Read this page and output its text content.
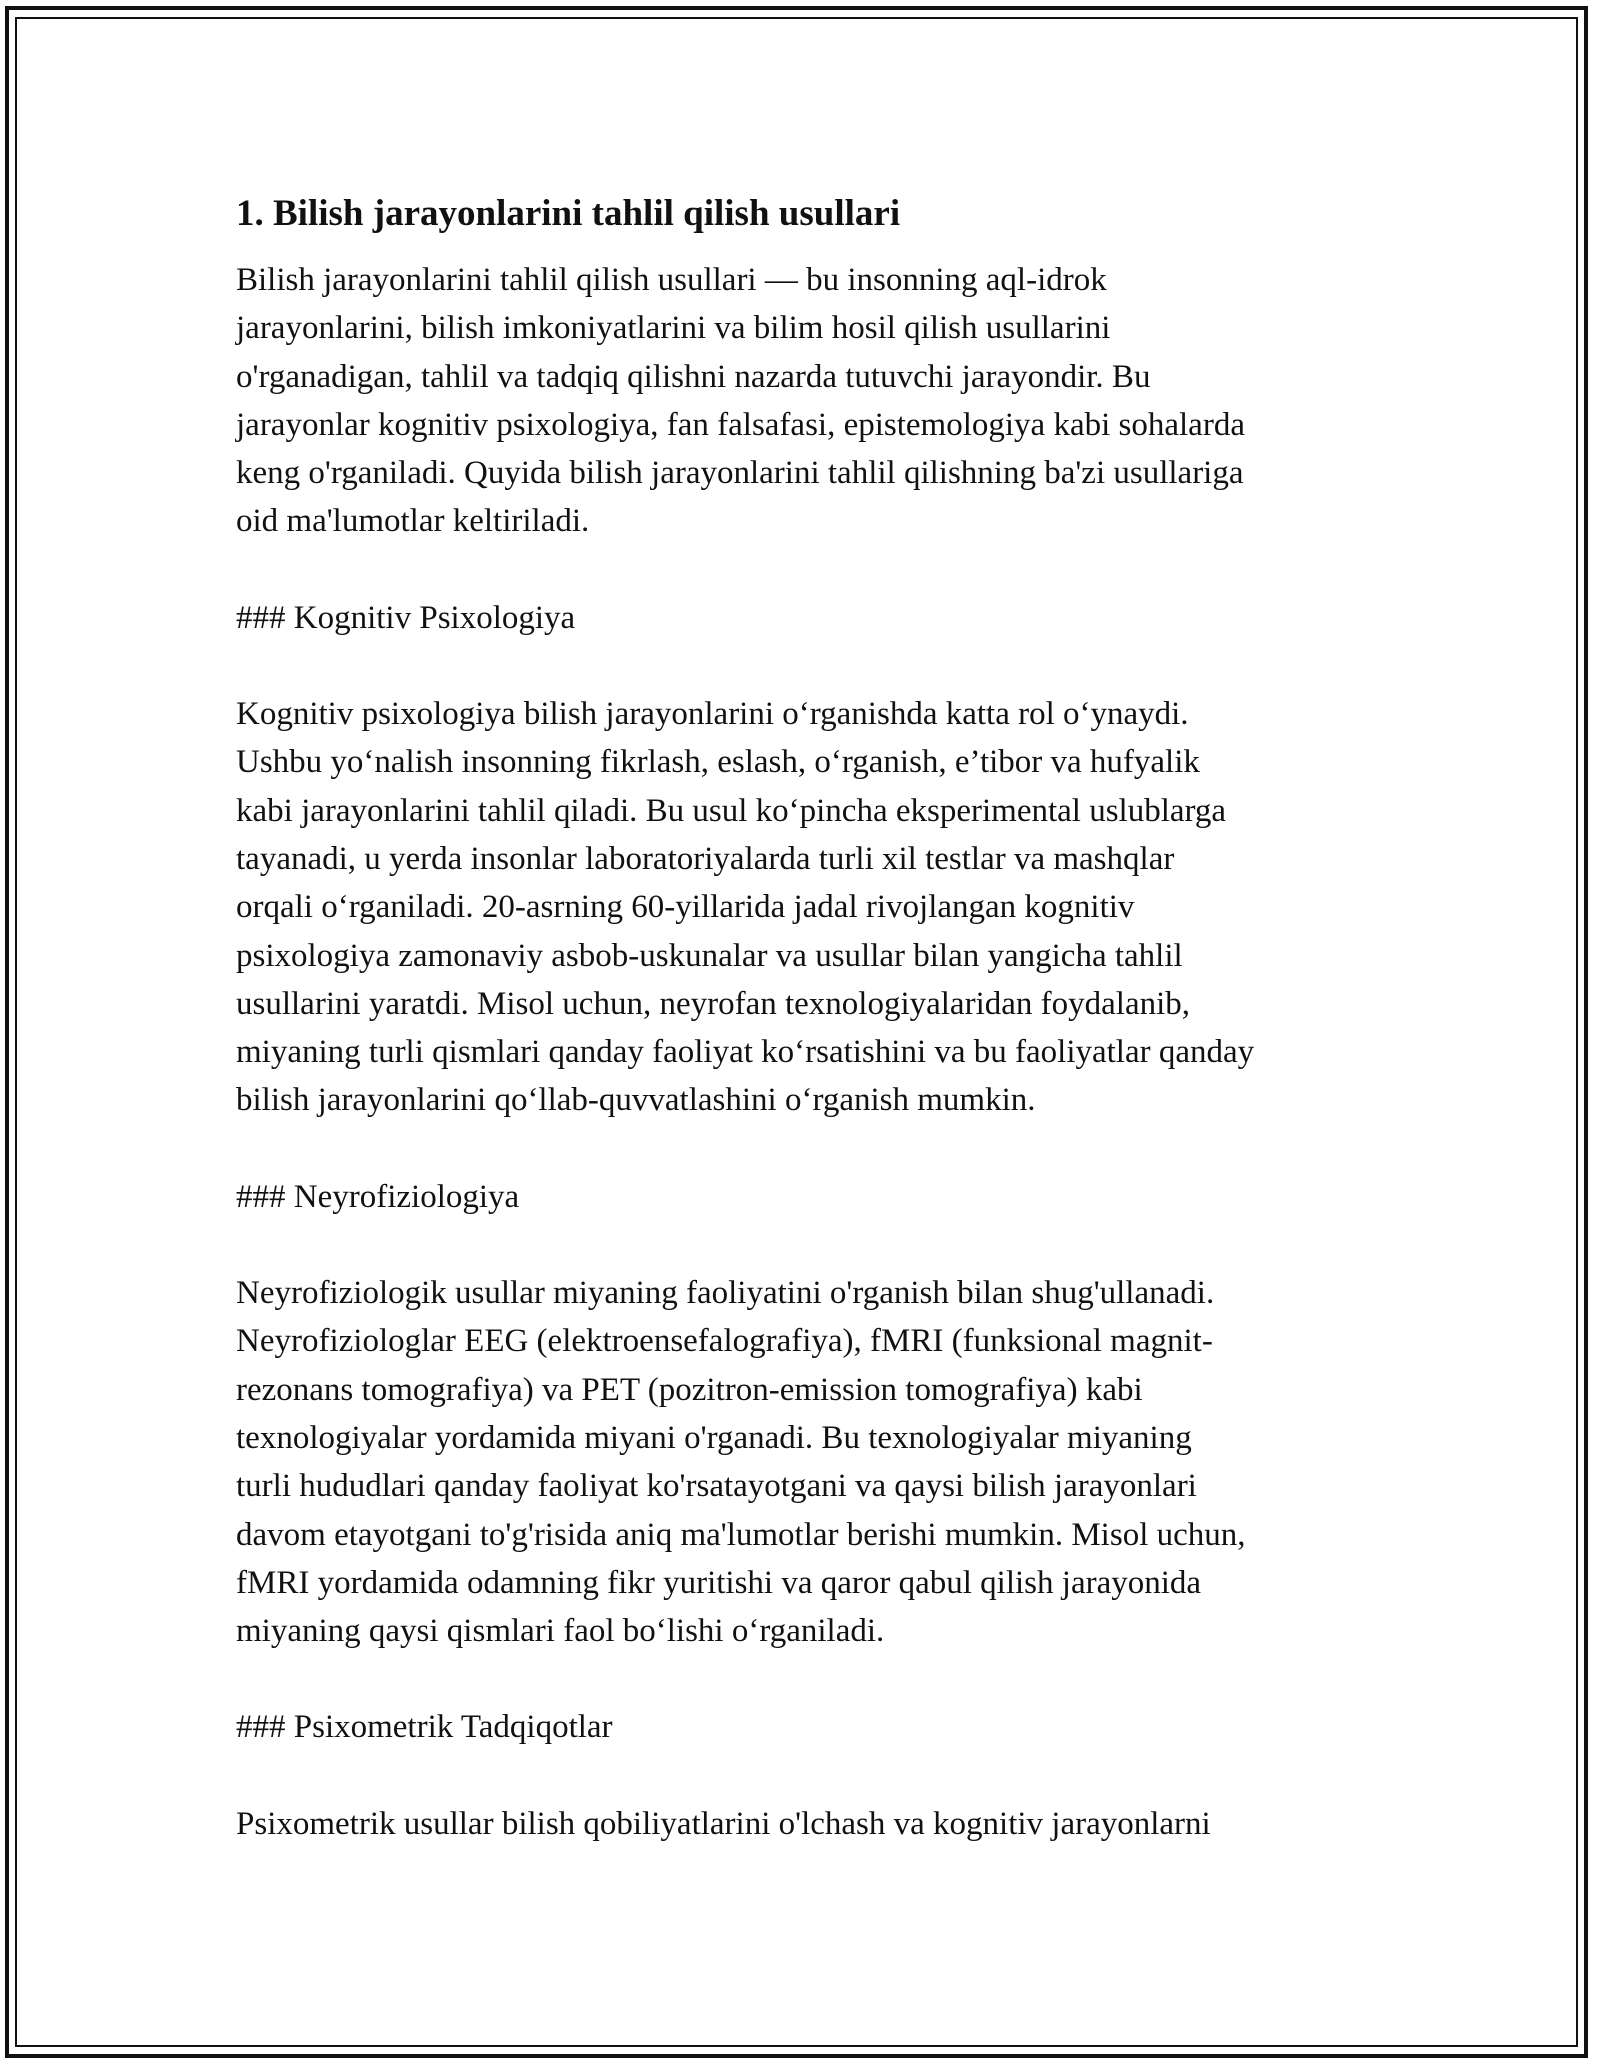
1. Bilish jarayonlarini tahlil qilish usullari
Bilish jarayonlarini tahlil qilish usullari — bu insonning aql-idrok
jarayonlarini, bilish imkoniyatlarini va bilim hosil qilish usullarini
o'rganadigan, tahlil va tadqiq qilishni nazarda tutuvchi jarayondir. Bu
jarayonlar kognitiv psixologiya, fan falsafasi, epistemologiya kabi sohalarda
keng o'rganiladi. Quyida bilish jarayonlarini tahlil qilishning ba'zi usullariga
oid ma'lumotlar keltiriladi.
### Kognitiv Psixologiya
Kognitiv psixologiya bilish jarayonlarini o‘rganishda katta rol o‘ynaydi.
Ushbu yo‘nalish insonning fikrlash, eslash, o‘rganish, e’tibor va hufyalik
kabi jarayonlarini tahlil qiladi. Bu usul ko‘pincha eksperimental uslublarga
tayanadi, u yerda insonlar laboratoriyalarda turli xil testlar va mashqlar
orqali o‘rganiladi. 20-asrning 60-yillarida jadal rivojlangan kognitiv
psixologiya zamonaviy asbob-uskunalar va usullar bilan yangicha tahlil
usullarini yaratdi. Misol uchun, neyrofan texnologiyalaridan foydalanib,
miyaning turli qismlari qanday faoliyat ko‘rsatishini va bu faoliyatlar qanday
bilish jarayonlarini qo‘llab-quvvatlashini o‘rganish mumkin.
### Neyrofiziologiya
Neyrofiziologik usullar miyaning faoliyatini o'rganish bilan shug'ullanadi.
Neyrofiziologlar EEG (elektroensefalografiya), fMRI (funksional magnit-
rezonans tomografiya) va PET (pozitron-emission tomografiya) kabi
texnologiyalar yordamida miyani o'rganadi. Bu texnologiyalar miyaning
turli hududlari qanday faoliyat ko'rsatayotgani va qaysi bilish jarayonlari
davom etayotgani to'g'risida aniq ma'lumotlar berishi mumkin. Misol uchun,
fMRI yordamida odamning fikr yuritishi va qaror qabul qilish jarayonida
miyaning qaysi qismlari faol bo‘lishi o‘rganiladi.
### Psixometrik Tadqiqotlar
Psixometrik usullar bilish qobiliyatlarini o'lchash va kognitiv jarayonlarni
